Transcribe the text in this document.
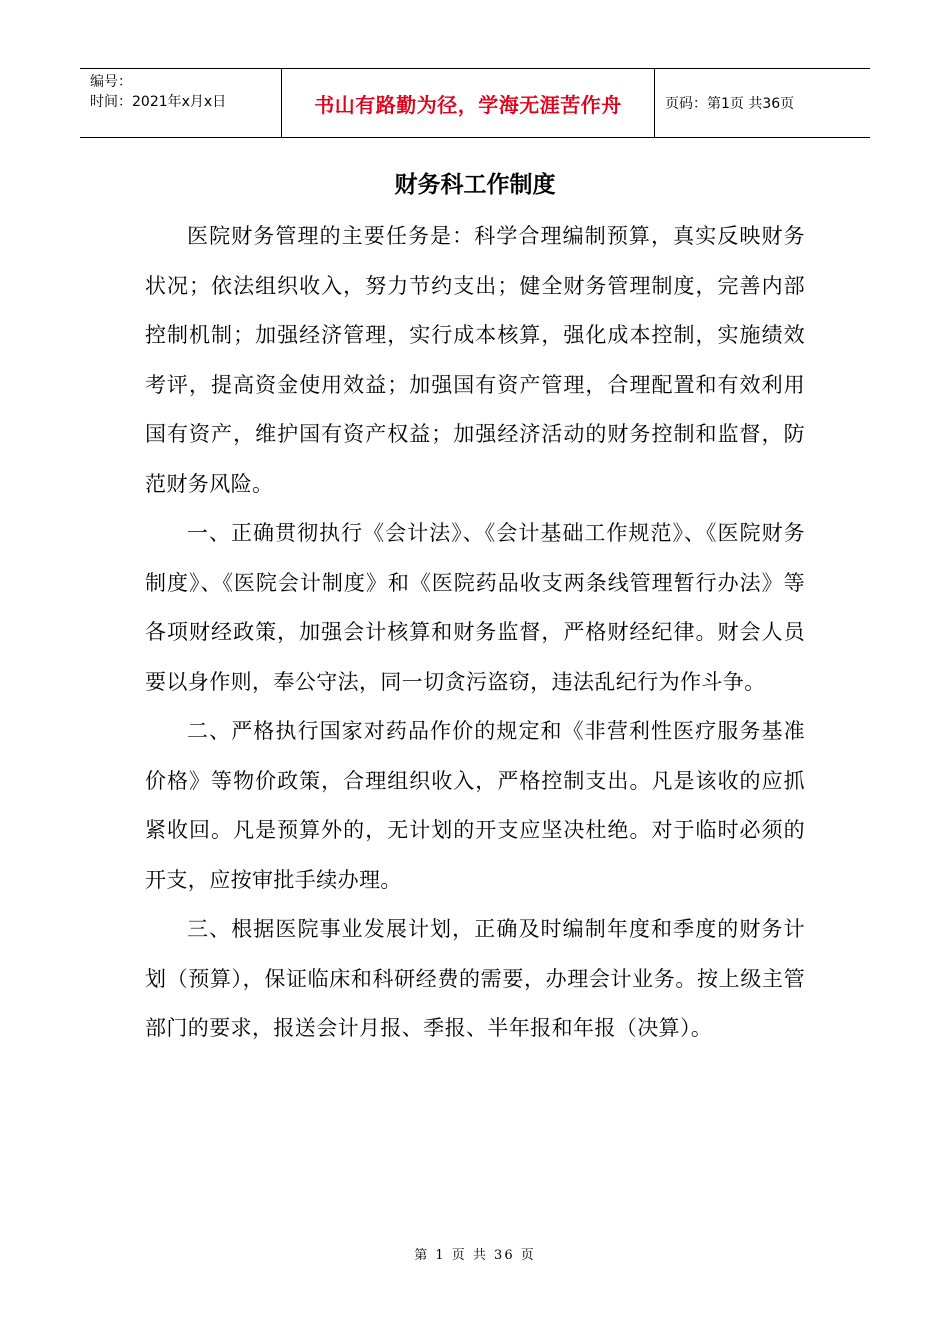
编号：
时间：2021年x月x日	书山有路勤为径，学海无涯苦作舟	页码：第1页 共36页
财务科工作制度

医院财务管理的主要任务是：科学合理编制预算，真实反映财务状况；依法组织收入，努力节约支出；健全财务管理制度，完善内部控制机制；加强经济管理，实行成本核算，强化成本控制，实施绩效考评，提高资金使用效益；加强国有资产管理，合理配置和有效利用国有资产，维护国有资产权益；加强经济活动的财务控制和监督，防范财务风险。

一、正确贯彻执行《会计法》、《会计基础工作规范》、《医院财务制度》、《医院会计制度》和《医院药品收支两条线管理暂行办法》等各项财经政策，加强会计核算和财务监督，严格财经纪律。财会人员要以身作则，奉公守法，同一切贪污盗窃，违法乱纪行为作斗争。

二、严格执行国家对药品作价的规定和《非营利性医疗服务基准价格》等物价政策，合理组织收入，严格控制支出。凡是该收的应抓紧收回。凡是预算外的，无计划的开支应坚决杜绝。对于临时必须的开支，应按审批手续办理。

三、根据医院事业发展计划，正确及时编制年度和季度的财务计划（预算），保证临床和科研经费的需要，办理会计业务。按上级主管部门的要求，报送会计月报、季报、半年报和年报（决算）。

第 1 页 共 36 页
